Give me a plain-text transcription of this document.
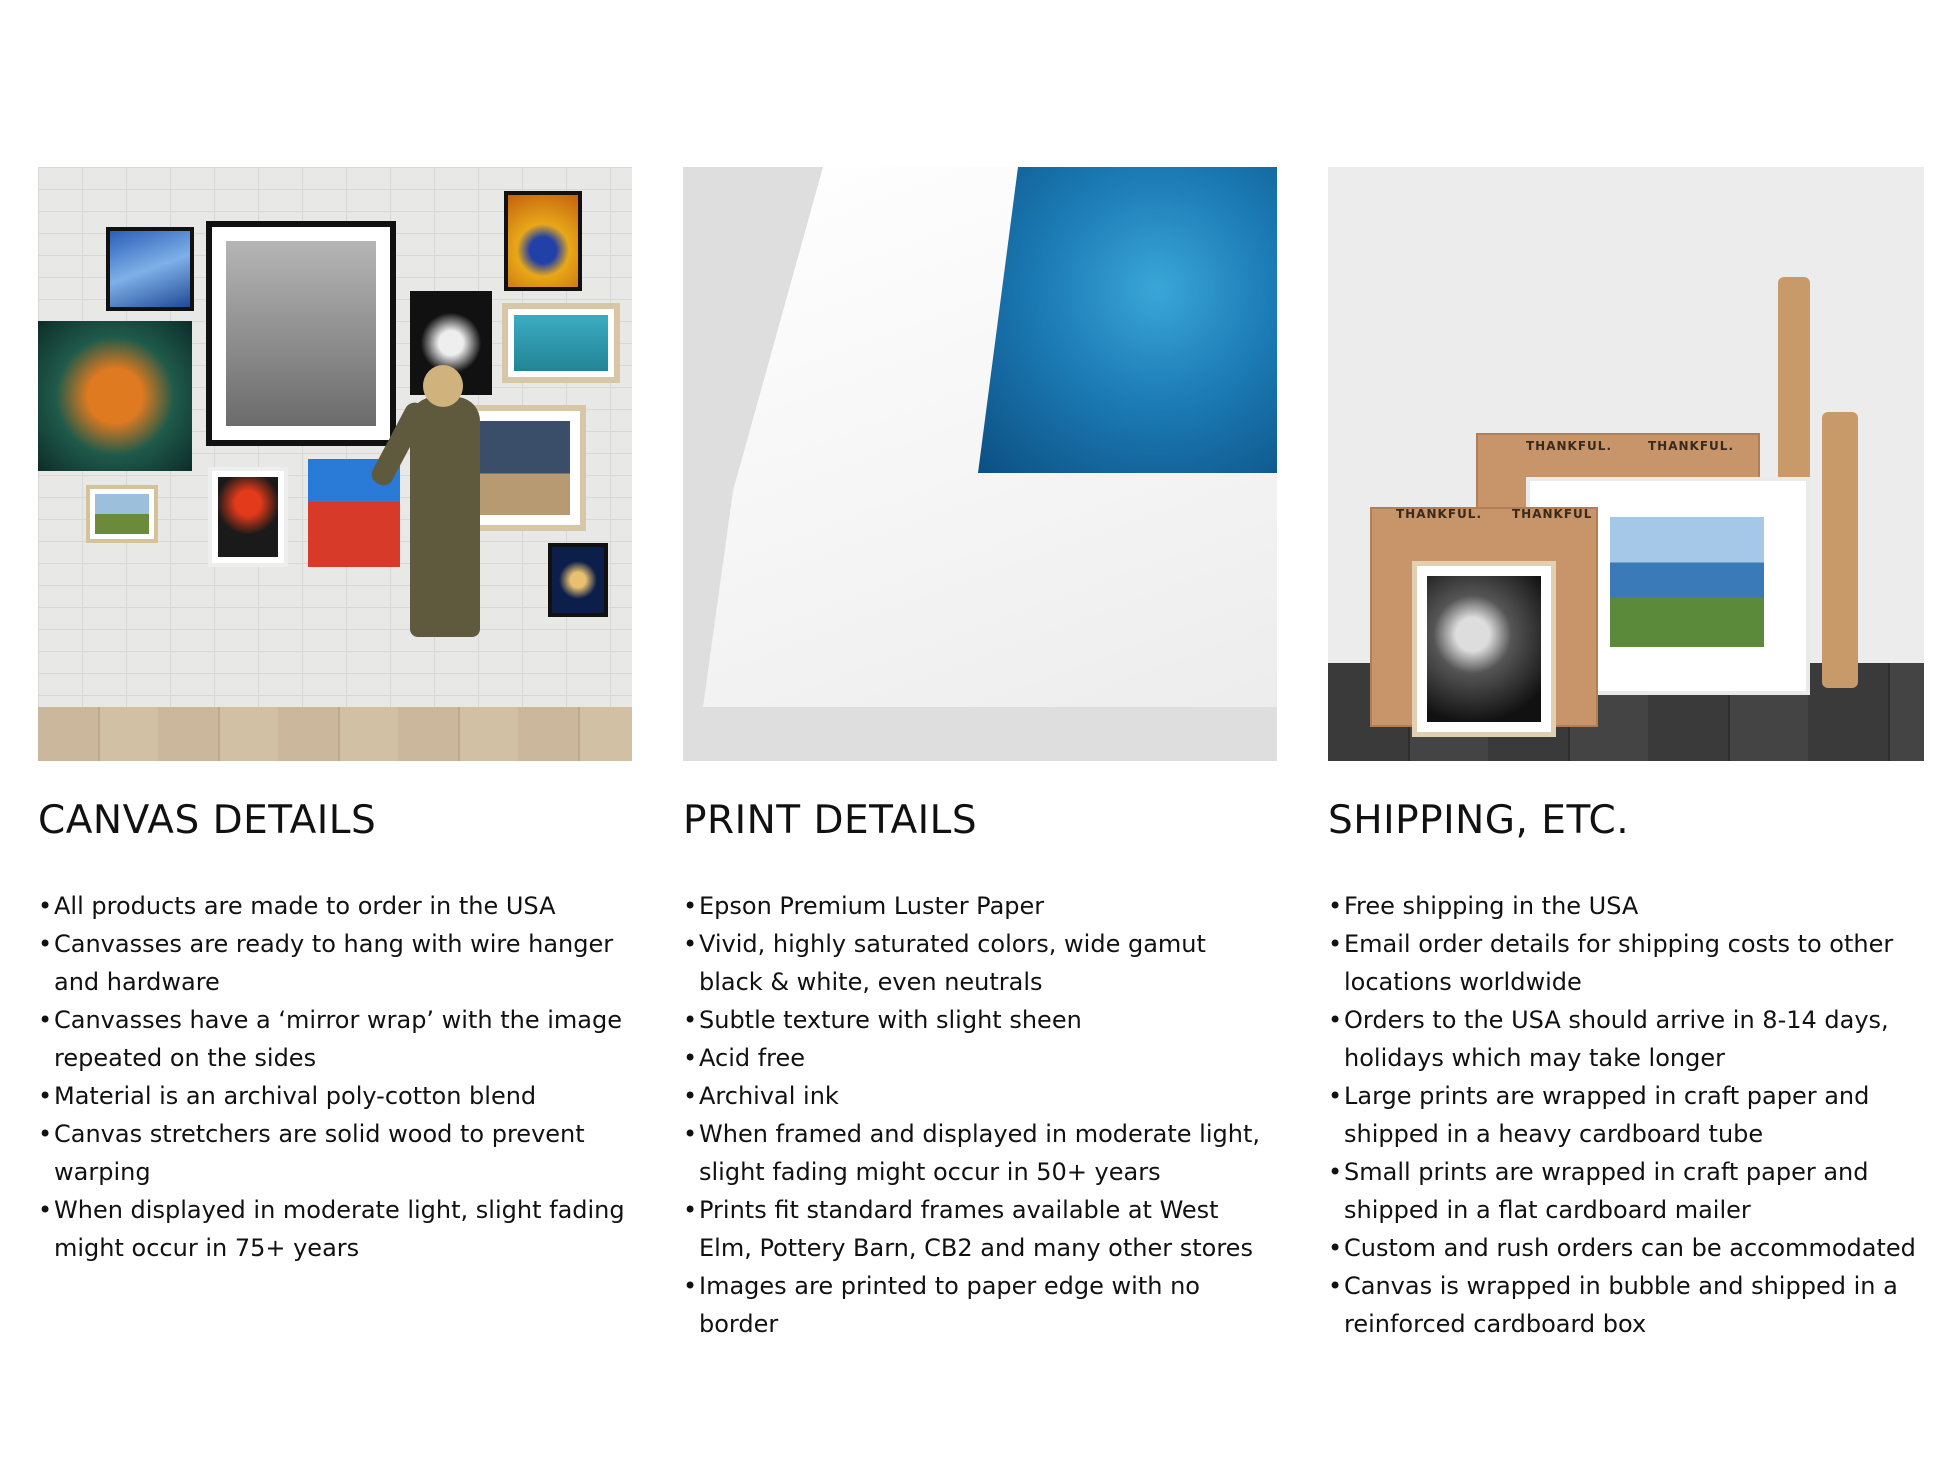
CANVAS DETAILS
•All products are made to order in the USA
•Canvasses are ready to hang with wire hanger and hardware
•Canvasses have a ‘mirror wrap’ with the image repeated on the sides
•Material is an archival poly-cotton blend
•Canvas stretchers are solid wood to prevent warping
•When displayed in moderate light, slight fading might occur in 75+ years
PRINT DETAILS
•Epson Premium Luster Paper
•Vivid, highly saturated colors, wide gamut black & white, even neutrals
•Subtle texture with slight sheen
•Acid free
•Archival ink
•When framed and displayed in moderate light, slight fading might occur in 50+ years
•Prints fit standard frames available at West Elm, Pottery Barn, CB2 and many other stores
•Images are printed to paper edge with no border
THANKFUL.	THANKFUL.
THANKFUL. THANKFUL
SHIPPING, ETC.
•Free shipping in the USA
•Email order details for shipping costs to other locations worldwide
•Orders to the USA should arrive in 8-14 days, holidays which may take longer
•Large prints are wrapped in craft paper and shipped in a heavy cardboard tube
•Small prints are wrapped in craft paper and shipped in a flat cardboard mailer
•Custom and rush orders can be accommodated
•Canvas is wrapped in bubble and shipped in a reinforced cardboard box
